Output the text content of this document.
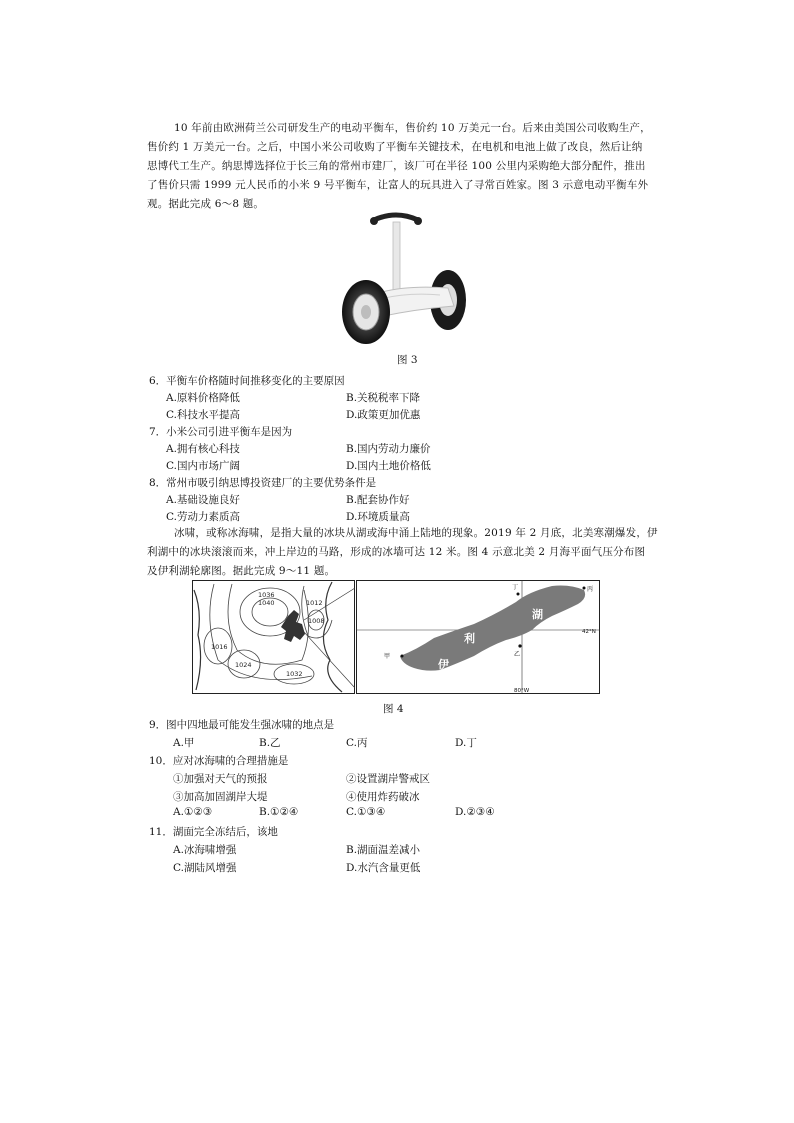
10 年前由欧洲荷兰公司研发生产的电动平衡车，售价约 10 万美元一台。后来由美国公司收购生产，
售价约 1 万美元一台。之后，中国小米公司收购了平衡车关键技术，在电机和电池上做了改良，然后让纳
思博代工生产。纳思博选择位于长三角的常州市建厂，该厂可在半径 100 公里内采购绝大部分配件，推出
了售价只需 1999 元人民币的小米 9 号平衡车，让富人的玩具进入了寻常百姓家。图 3 示意电动平衡车外
观。据此完成 6～8 题。
图 3
6．平衡车价格随时间推移变化的主要原因
A.原料价格降低	B.关税税率下降
C.科技水平提高	D.政策更加优惠
7．小米公司引进平衡车是因为
A.拥有核心科技	B.国内劳动力廉价
C.国内市场广阔	D.国内土地价格低
8．常州市吸引纳思博投资建厂的主要优势条件是
A.基础设施良好	B.配套协作好
C.劳动力素质高	D.环境质量高
冰啸，或称冰海啸，是指大量的冰块从湖或海中涌上陆地的现象。2019 年 2 月底，北美寒潮爆发，伊
利湖中的冰块滚滚而来，冲上岸边的马路，形成的冰墙可达 12 米。图 4 示意北美 2 月海平面气压分布图
及伊利湖轮廓图。据此完成 9～11 题。
1036
1040	1012
1008
1016
1024
1032
湖
利
伊
甲	乙
丙
丁
42°N
80°W
图 4
9．图中四地最可能发生强冰啸的地点是
A.甲	B.乙	C.丙	D.丁
10．应对冰海啸的合理措施是
①加强对天气的预报	②设置湖岸警戒区
③加高加固湖岸大堤	④使用炸药破冰
A.①②③	B.①②④	C.①③④	D.②③④
11．湖面完全冻结后，该地
A.冰海啸增强	B.湖面温差减小
C.湖陆风增强	D.水汽含量更低
